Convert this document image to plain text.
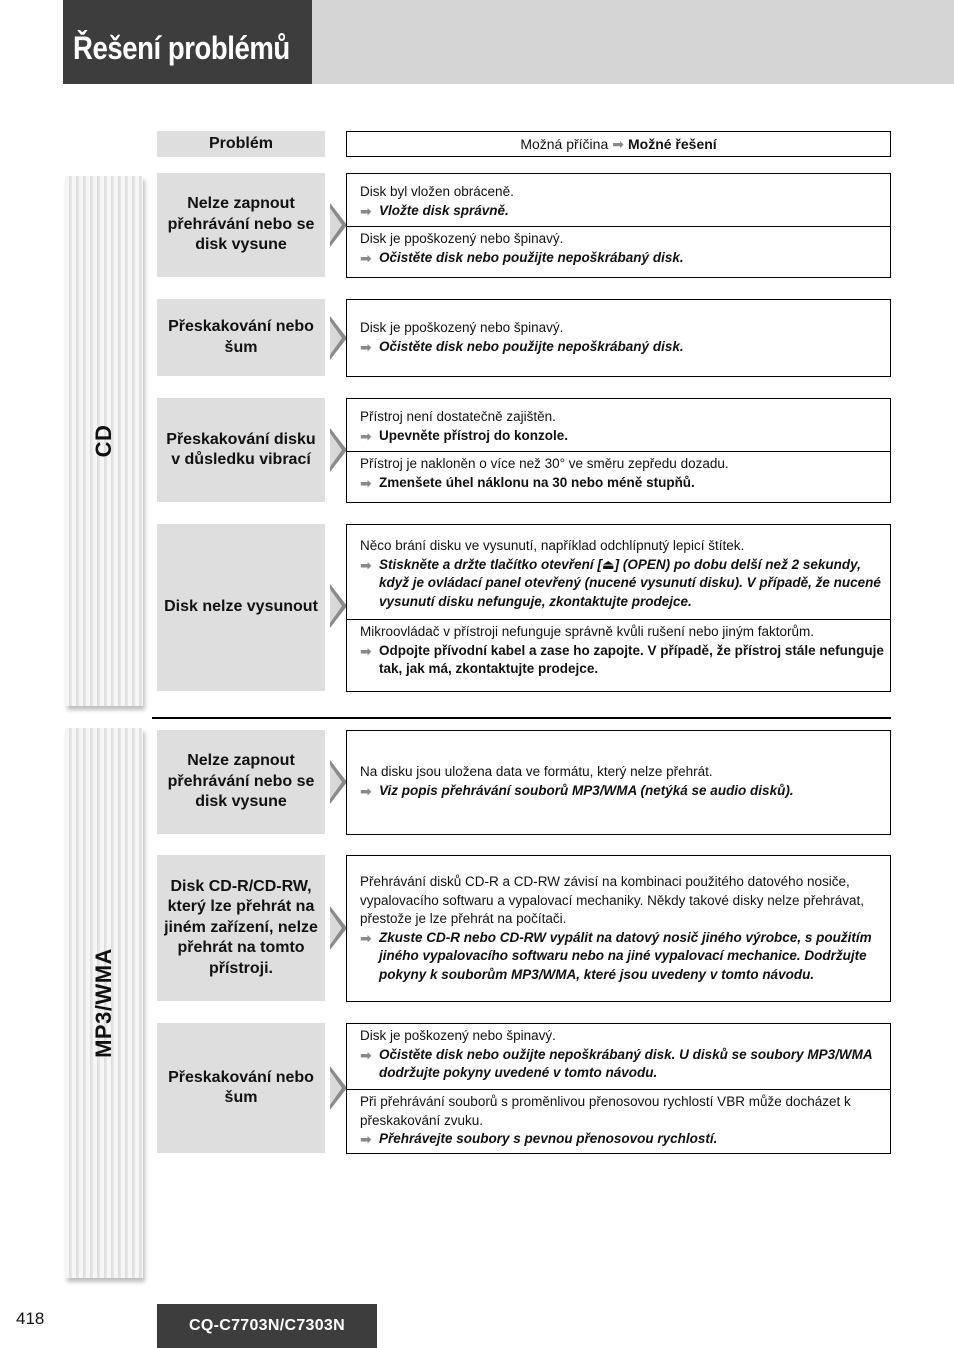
Řešení problémů
CD
MP3/WMA
Problém	Možná příčina ➡ Možné řešení
Nelze zapnout přehrávání nebo se disk vysune
Disk byl vložen obráceně.
➡ Vložte disk správně.
Disk je ppoškozený nebo špinavý.
➡ Očistěte disk nebo použijte nepoškrábaný disk.
Přeskakování nebo šum
Disk je ppoškozený nebo špinavý.
➡ Očistěte disk nebo použijte nepoškrábaný disk.
Přeskakování disku v důsledku vibrací
Přístroj není dostatečně zajištěn.
➡ Upevněte přístroj do konzole.
Přístroj je nakloněn o více než 30° ve směru zepředu dozadu.
➡ Zmenšete úhel náklonu na 30 nebo méně stupňů.
Disk nelze vysunout
Něco brání disku ve vysunutí, například odchlípnutý lepicí štítek.
➡ Stiskněte a držte tlačítko otevření [⏏] (OPEN) po dobu delší než 2 sekundy, když je ovládací panel otevřený (nucené vysunutí disku). V případě, že nucené vysunutí disku nefunguje, zkontaktujte prodejce.
Mikroovládač v přístroji nefunguje správně kvůli rušení nebo jiným faktorům.
➡ Odpojte přívodní kabel a zase ho zapojte. V případě, že přístroj stále nefunguje tak, jak má, zkontaktujte prodejce.
Nelze zapnout přehrávání nebo se disk vysune
Na disku jsou uložena data ve formátu, který nelze přehrát.
➡ Viz popis přehrávání souborů MP3/WMA (netýká se audio disků).
Disk CD-R/CD-RW, který lze přehrát na jiném zařízení, nelze přehrát na tomto přístroji.
Přehrávání disků CD-R a CD-RW závisí na kombinaci použitého datového nosiče, vypalovacího softwaru a vypalovací mechaniky. Někdy takové disky nelze přehrávat, přestože je lze přehrát na počítači.
➡ Zkuste CD-R nebo CD-RW vypálit na datový nosič jiného výrobce, s použitím jiného vypalovacího softwaru nebo na jiné vypalovací mechanice. Dodržujte pokyny k souborům MP3/WMA, které jsou uvedeny v tomto návodu.
Přeskakování nebo šum
Disk je poškozený nebo špinavý.
➡ Očistěte disk nebo oužijte nepoškrábaný disk. U disků se soubory MP3/WMA dodržujte pokyny uvedené v tomto návodu.
Při přehrávání souborů s proměnlivou přenosovou rychlostí VBR může docházet k přeskakování zvuku.
➡ Přehrávejte soubory s pevnou přenosovou rychlostí.
418	CQ-C7703N/C7303N
